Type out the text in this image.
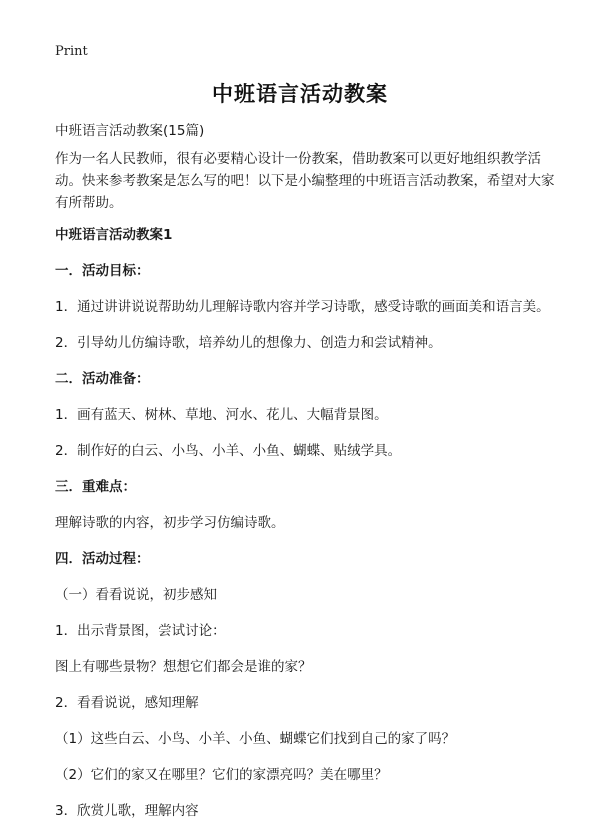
Print
中班语言活动教案

中班语言活动教案(15篇)

作为一名人民教师，很有必要精心设计一份教案，借助教案可以更好地组织教学活动。快来参考教案是怎么写的吧！以下是小编整理的中班语言活动教案，希望对大家有所帮助。

中班语言活动教案1

一．活动目标：

1．通过讲讲说说帮助幼儿理解诗歌内容并学习诗歌，感受诗歌的画面美和语言美。

2．引导幼儿仿编诗歌，培养幼儿的想像力、创造力和尝试精神。

二．活动准备：

1．画有蓝天、树林、草地、河水、花儿、大幅背景图。

2．制作好的白云、小鸟、小羊、小鱼、蝴蝶、贴绒学具。

三．重难点：

理解诗歌的内容，初步学习仿编诗歌。

四．活动过程：

（一）看看说说，初步感知

1．出示背景图，尝试讨论：

图上有哪些景物？想想它们都会是谁的家？

2．看看说说，感知理解

（1）这些白云、小鸟、小羊、小鱼、蝴蝶它们找到自己的家了吗？

（2）它们的家又在哪里？它们的家漂亮吗？美在哪里？

3．欣赏儿歌，理解内容
